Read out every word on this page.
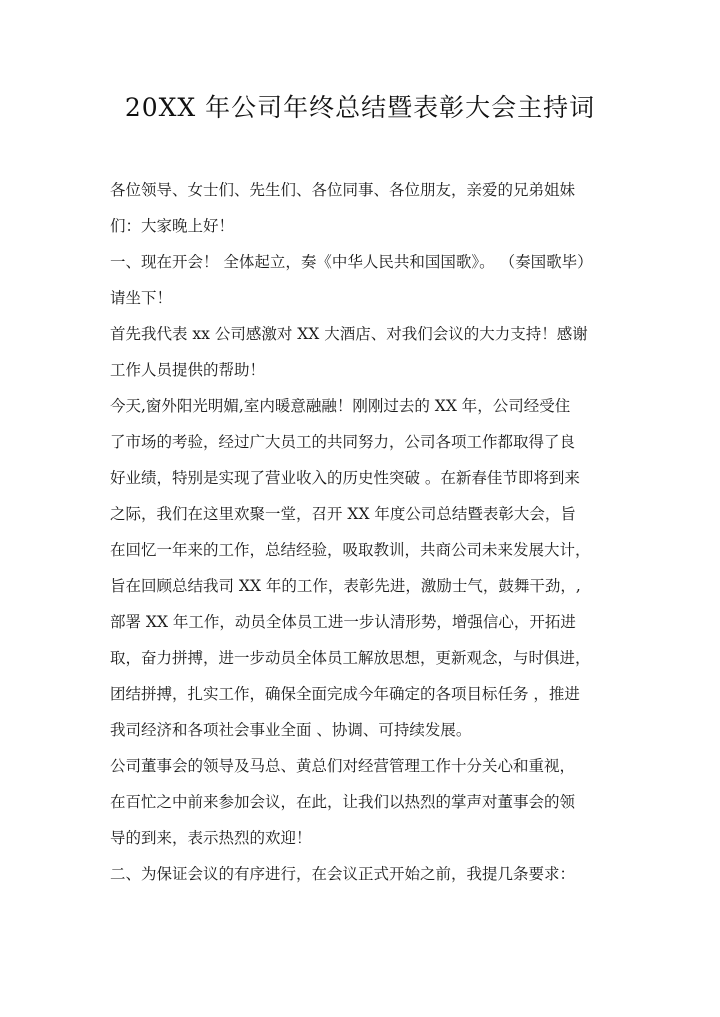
20XX 年公司年终总结暨表彰大会主持词
各位领导、女士们、先生们、各位同事、各位朋友，亲爱的兄弟姐妹
们：大家晚上好！
一、现在开会！ 全体起立，奏《中华人民共和国国歌》。 （奏国歌毕）
请坐下！
首先我代表 xx 公司感激对 XX 大酒店、对我们会议的大力支持！感谢
工作人员提供的帮助！
今天,窗外阳光明媚,室内暖意融融！刚刚过去的 XX 年，公司经受住
了市场的考验，经过广大员工的共同努力，公司各项工作都取得了良
好业绩，特别是实现了营业收入的历史性突破 。在新春佳节即将到来
之际，我们在这里欢聚一堂，召开 XX 年度公司总结暨表彰大会，旨
在回忆一年来的工作，总结经验，吸取教训，共商公司未来发展大计，
旨在回顾总结我司 XX 年的工作，表彰先进，激励士气，鼓舞干劲，,
部署 XX 年工作，动员全体员工进一步认清形势，增强信心，开拓进
取，奋力拼搏，进一步动员全体员工解放思想，更新观念，与时俱进，
团结拼搏，扎实工作，确保全面完成今年确定的各项目标任务 ，推进
我司经济和各项社会事业全面 、协调、可持续发展。
公司董事会的领导及马总、黄总们对经营管理工作十分关心和重视，
在百忙之中前来参加会议，在此，让我们以热烈的掌声对董事会的领
导的到来，表示热烈的欢迎！
二、为保证会议的有序进行，在会议正式开始之前，我提几条要求：
